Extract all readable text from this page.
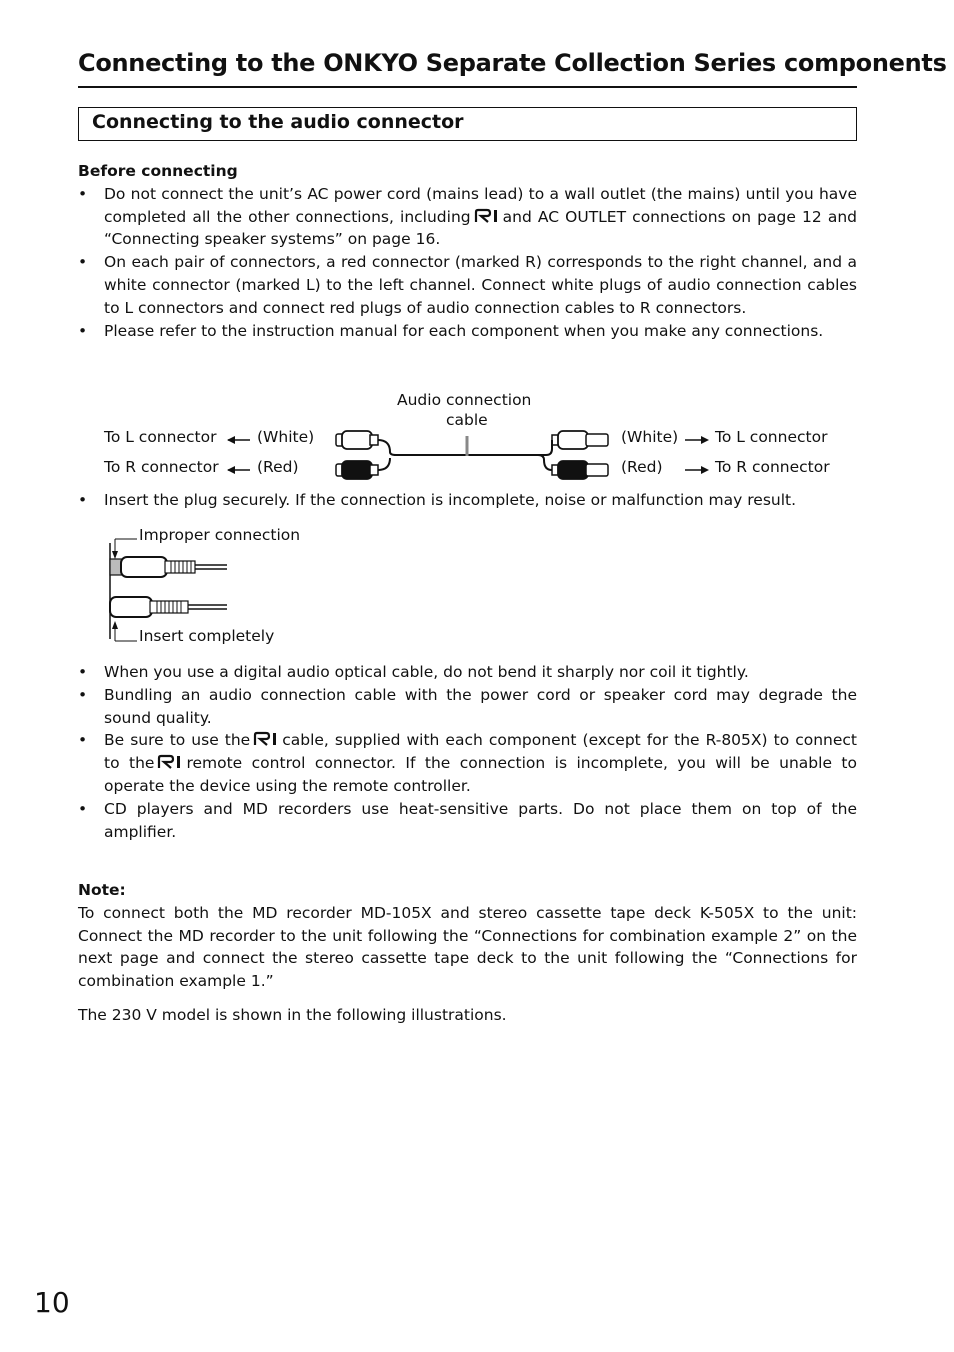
Connecting to the ONKYO Separate Collection Series components
Connecting to the audio connector
Before connecting
• Do not connect the unit’s AC power cord (mains lead) to a wall outlet (the mains) until you have completed all the other connections, including and AC OUTLET connections on page 12 and “Connecting speaker systems” on page 16.
• On each pair of connectors, a red connector (marked R) corresponds to the right channel, and a white connector (marked L) to the left channel. Connect white plugs of audio connection cables to L connectors and connect red plugs of audio connection cables to R connectors.
• Please refer to the instruction manual for each component when you make any connections.
Audio connection
cable
To L connector	(White)
To R connector (Red)
(White) To L connector
(Red)	To R connector
• Insert the plug securely. If the connection is incomplete, noise or malfunction may result.
Improper connection
Insert completely
• When you use a digital audio optical cable, do not bend it sharply nor coil it tightly.
• Bundling an audio connection cable with the power cord or speaker cord may degrade the sound quality.
• Be sure to use the cable, supplied with each component (except for the R-805X) to connect to the remote control connector. If the connection is incomplete, you will be unable to operate the device using the remote controller.
• CD players and MD recorders use heat-sensitive parts. Do not place them on top of the amplifier.
Note:
To connect both the MD recorder MD-105X and stereo cassette tape deck K-505X to the unit: Connect the MD recorder to the unit following the “Connections for combination example 2” on the next page and connect the stereo cassette tape deck to the unit following the “Connections for combination example 1.”
The 230 V model is shown in the following illustrations.
10
